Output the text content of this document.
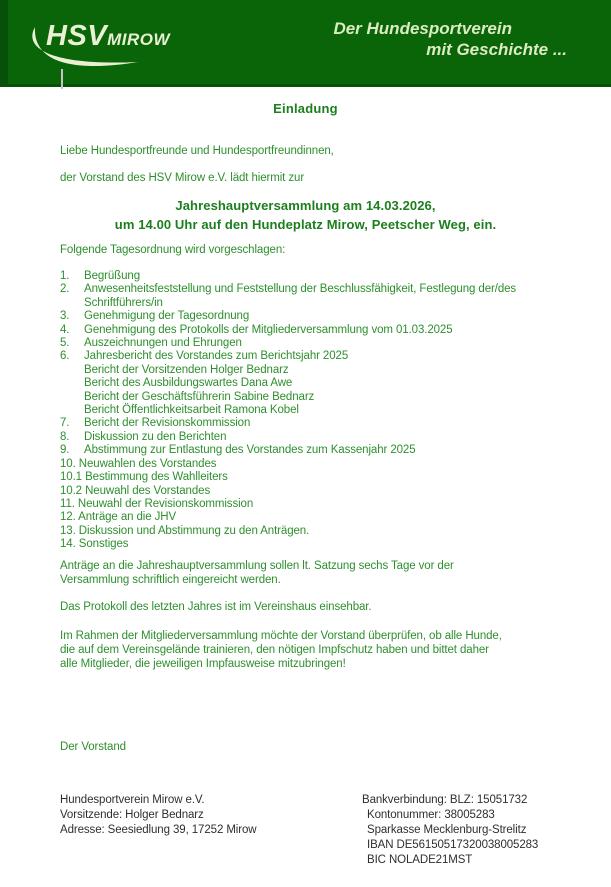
HSVMIROW
Der Hundesportverein
mit Geschichte ...
Einladung
Liebe Hundesportfreunde und Hundesportfreundinnen,
der Vorstand des HSV Mirow e.V. lädt hiermit zur
Jahreshauptversammlung am 14.03.2026,
um 14.00 Uhr auf den Hundeplatz Mirow, Peetscher Weg, ein.
Folgende Tagesordnung wird vorgeschlagen:
1.	Begrüßung
2.	Anwesenheitsfeststellung und Feststellung der Beschlussfähigkeit, Festlegung der/des
Schriftführers/in
3.	Genehmigung der Tagesordnung
4.	Genehmigung des Protokolls der Mitgliederversammlung vom 01.03.2025
5.	Auszeichnungen und Ehrungen
6.	Jahresbericht des Vorstandes zum Berichtsjahr 2025
Bericht der Vorsitzenden Holger Bednarz
Bericht des Ausbildungswartes Dana Awe
Bericht der Geschäftsführerin Sabine Bednarz
Bericht Öffentlichkeitsarbeit Ramona Kobel
7.	Bericht der Revisionskommission
8.	Diskussion zu den Berichten
9.	Abstimmung zur Entlastung des Vorstandes zum Kassenjahr 2025
10. Neuwahlen des Vorstandes
10.1 Bestimmung des Wahlleiters
10.2 Neuwahl des Vorstandes
11. Neuwahl der Revisionskommission
12. Anträge an die JHV
13. Diskussion und Abstimmung zu den Anträgen.
14. Sonstiges
Anträge an die Jahreshauptversammlung sollen lt. Satzung sechs Tage vor der
Versammlung schriftlich eingereicht werden.
Das Protokoll des letzten Jahres ist im Vereinshaus einsehbar.
Im Rahmen der Mitgliederversammlung möchte der Vorstand überprüfen, ob alle Hunde,
die auf dem Vereinsgelände trainieren, den nötigen Impfschutz haben und bittet daher
alle Mitglieder, die jeweiligen Impfausweise mitzubringen!
Der Vorstand
Hundesportverein Mirow e.V.
Vorsitzende: Holger Bednarz
Adresse: Seesiedlung 39, 17252 Mirow
Bankverbindung: BLZ: 15051732
Kontonummer: 38005283
Sparkasse Mecklenburg-Strelitz
IBAN DE56150517320038005283
BIC NOLADE21MST
